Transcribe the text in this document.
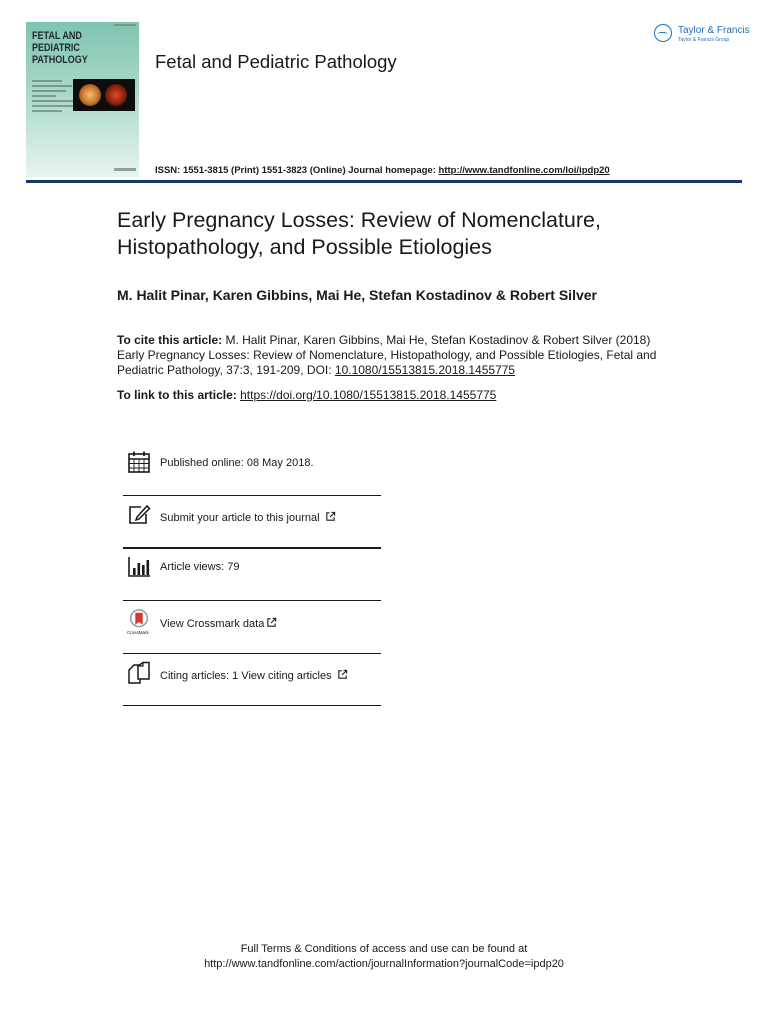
FETAL AND
PEDIATRIC
PATHOLOGY	Fetal and Pediatric Pathology
Taylor & Francis
Taylor & Francis Group
ISSN: 1551-3815 (Print) 1551-3823 (Online) Journal homepage: http://www.tandfonline.com/loi/ipdp20
Early Pregnancy Losses: Review of Nomenclature,
Histopathology, and Possible Etiologies
M. Halit Pinar, Karen Gibbins, Mai He, Stefan Kostadinov & Robert Silver
To cite this article: M. Halit Pinar, Karen Gibbins, Mai He, Stefan Kostadinov & Robert Silver (2018) Early Pregnancy Losses: Review of Nomenclature, Histopathology, and Possible Etiologies, Fetal and Pediatric Pathology, 37:3, 191-209, DOI: 10.1080/15513815.2018.1455775
To link to this article: https://doi.org/10.1080/15513815.2018.1455775
Published online: 08 May 2018.
Submit your article to this journal
Article views: 79
CrossMark
View Crossmark data
Citing articles: 1 View citing articles
Full Terms & Conditions of access and use can be found at
http://www.tandfonline.com/action/journalInformation?journalCode=ipdp20
